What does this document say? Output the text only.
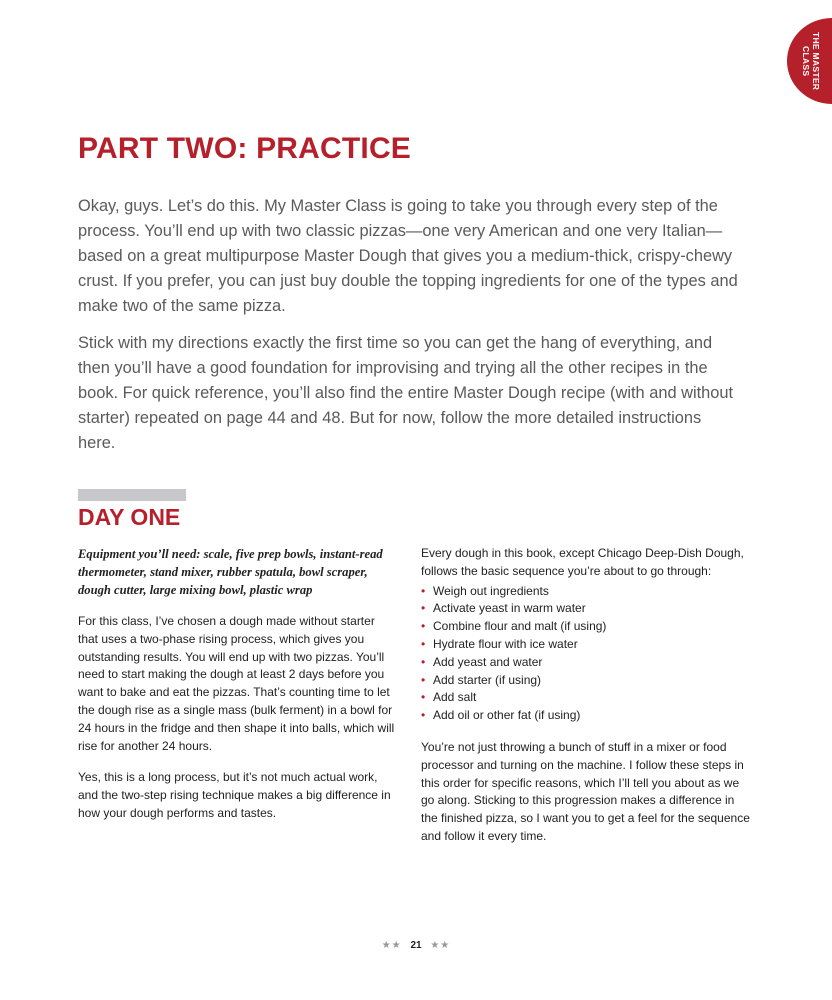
THE MASTER CLASS
PART TWO: PRACTICE

Okay, guys. Let’s do this. My Master Class is going to take you through every step of the process. You’ll end up with two classic pizzas—one very American and one very Italian—based on a great multipurpose Master Dough that gives you a medium-thick, crispy-chewy crust. If you prefer, you can just buy double the topping ingredients for one of the types and make two of the same pizza.

Stick with my directions exactly the first time so you can get the hang of everything, and then you’ll have a good foundation for improvising and trying all the other recipes in the book. For quick reference, you’ll also find the entire Master Dough recipe (with and without starter) repeated on page 44 and 48. But for now, follow the more detailed instructions here.

DAY ONE

Equipment you’ll need: scale, five prep bowls, instant-read thermometer, stand mixer, rubber spatula, bowl scraper, dough cutter, large mixing bowl, plastic wrap

For this class, I’ve chosen a dough made without starter that uses a two-phase rising process, which gives you outstanding results. You will end up with two pizzas. You’ll need to start making the dough at least 2 days before you want to bake and eat the pizzas. That’s counting time to let the dough rise as a single mass (bulk ferment) in a bowl for 24 hours in the fridge and then shape it into balls, which will rise for another 24 hours.

Yes, this is a long process, but it’s not much actual work, and the two-step rising technique makes a big difference in how your dough performs and tastes.

Every dough in this book, except Chicago Deep-Dish Dough, follows the basic sequence you’re about to go through:

• Weigh out ingredients
• Activate yeast in warm water
• Combine flour and malt (if using)
• Hydrate flour with ice water
• Add yeast and water
• Add starter (if using)
• Add salt
• Add oil or other fat (if using)

You’re not just throwing a bunch of stuff in a mixer or food processor and turning on the machine. I follow these steps in this order for specific reasons, which I’ll tell you about as we go along. Sticking to this progression makes a difference in the finished pizza, so I want you to get a feel for the sequence and follow it every time.

★★ 21 ★★
